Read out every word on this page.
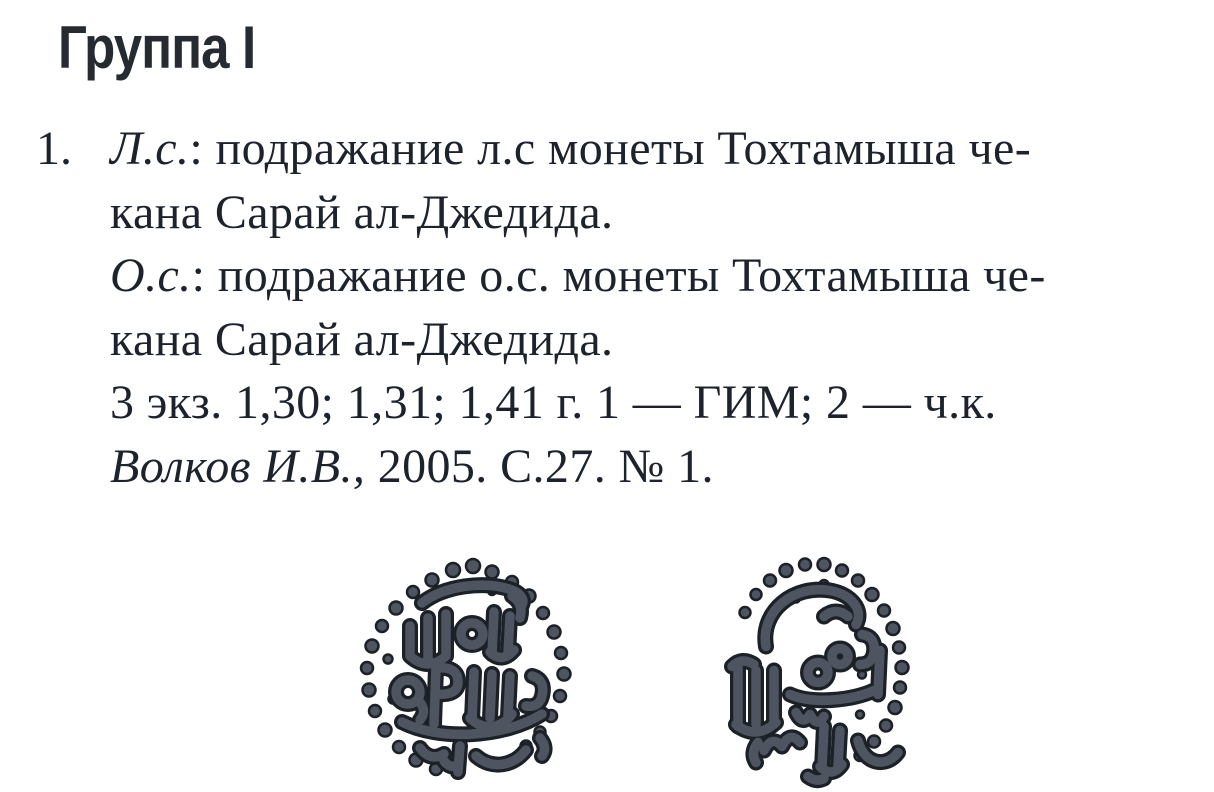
Группа I
1. Л.с.: подражание л.с монеты Тохтамыша че-
кана Сарай ал-Джедида.
О.с.: подражание о.с. монеты Тохтамыша че-
кана Сарай ал-Джедида.
3 экз. 1,30; 1,31; 1,41 г. 1 — ГИМ; 2 — ч.к.
Волков И.В., 2005. С.27. № 1.
